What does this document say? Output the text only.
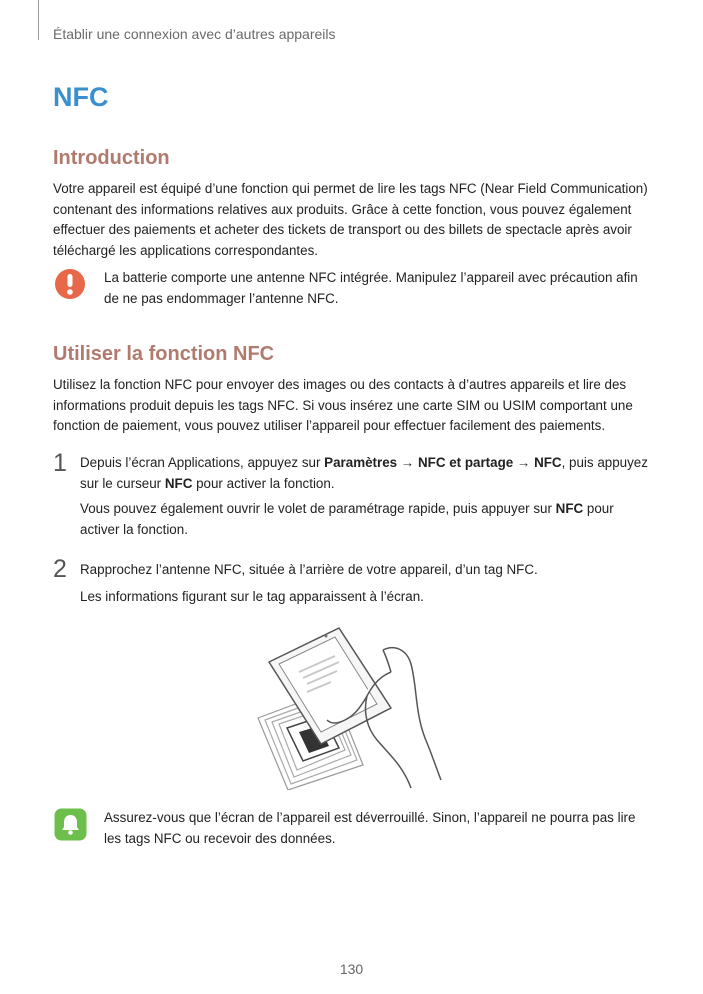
Établir une connexion avec d’autres appareils
NFC
Introduction
Votre appareil est équipé d’une fonction qui permet de lire les tags NFC (Near Field Communication) contenant des informations relatives aux produits. Grâce à cette fonction, vous pouvez également effectuer des paiements et acheter des tickets de transport ou des billets de spectacle après avoir téléchargé les applications correspondantes.
La batterie comporte une antenne NFC intégrée. Manipulez l’appareil avec précaution afin de ne pas endommager l’antenne NFC.
Utiliser la fonction NFC
Utilisez la fonction NFC pour envoyer des images ou des contacts à d’autres appareils et lire des informations produit depuis les tags NFC. Si vous insérez une carte SIM ou USIM comportant une fonction de paiement, vous pouvez utiliser l’appareil pour effectuer facilement des paiements.
1 Depuis l’écran Applications, appuyez sur Paramètres → NFC et partage → NFC, puis appuyez sur le curseur NFC pour activer la fonction.
Vous pouvez également ouvrir le volet de paramétrage rapide, puis appuyer sur NFC pour activer la fonction.
2 Rapprochez l’antenne NFC, située à l’arrière de votre appareil, d’un tag NFC.
Les informations figurant sur le tag apparaissent à l’écran.
Assurez-vous que l’écran de l’appareil est déverrouillé. Sinon, l’appareil ne pourra pas lire les tags NFC ou recevoir des données.
130
